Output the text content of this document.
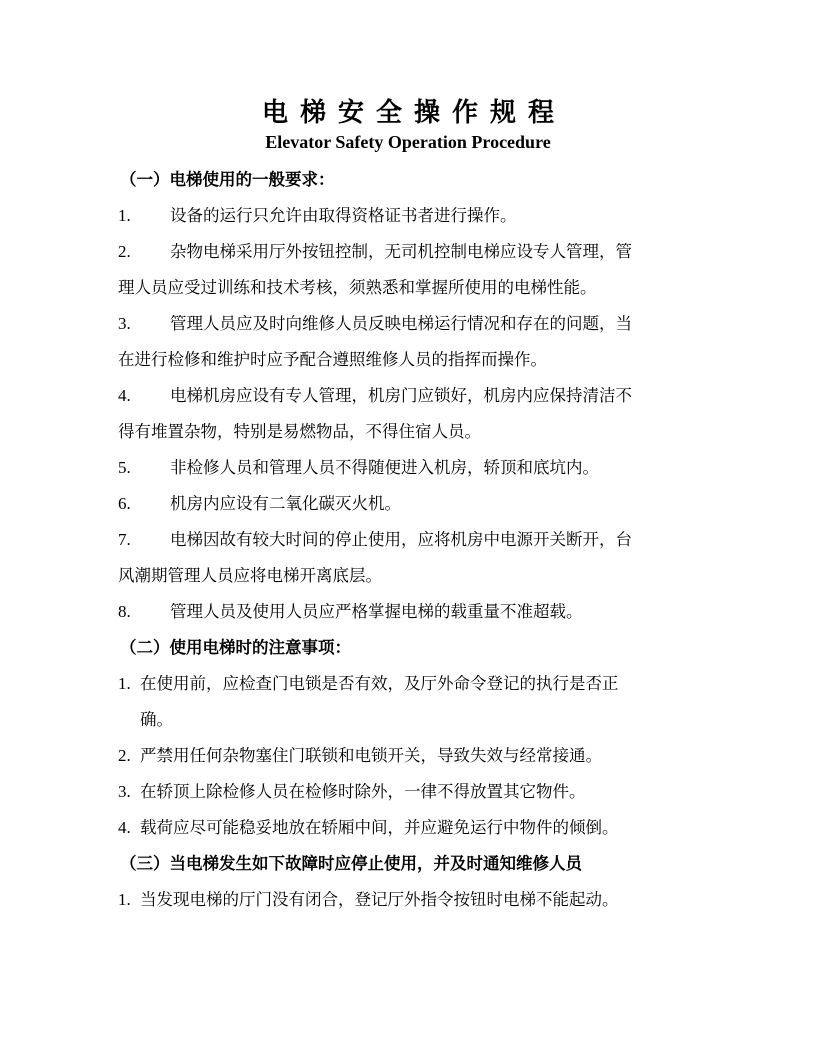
电梯安全操作规程
Elevator Safety Operation Procedure
（一）电梯使用的一般要求：
1. 设备的运行只允许由取得资格证书者进行操作。
2. 杂物电梯采用厅外按钮控制，无司机控制电梯应设专人管理，管
理人员应受过训练和技术考核，须熟悉和掌握所使用的电梯性能。
3. 管理人员应及时向维修人员反映电梯运行情况和存在的问题，当
在进行检修和维护时应予配合遵照维修人员的指挥而操作。
4. 电梯机房应设有专人管理，机房门应锁好，机房内应保持清洁不
得有堆置杂物，特别是易燃物品，不得住宿人员。
5. 非检修人员和管理人员不得随便进入机房，轿顶和底坑内。
6. 机房内应设有二氧化碳灭火机。
7. 电梯因故有较大时间的停止使用，应将机房中电源开关断开，台
风潮期管理人员应将电梯开离底层。
8. 管理人员及使用人员应严格掌握电梯的载重量不准超载。
（二）使用电梯时的注意事项：
1. 在使用前，应检查门电锁是否有效，及厅外命令登记的执行是否正
确。
2. 严禁用任何杂物塞住门联锁和电锁开关，导致失效与经常接通。
3. 在轿顶上除检修人员在检修时除外，一律不得放置其它物件。
4. 载荷应尽可能稳妥地放在轿厢中间，并应避免运行中物件的倾倒。
（三）当电梯发生如下故障时应停止使用，并及时通知维修人员
1. 当发现电梯的厅门没有闭合，登记厅外指令按钮时电梯不能起动。
